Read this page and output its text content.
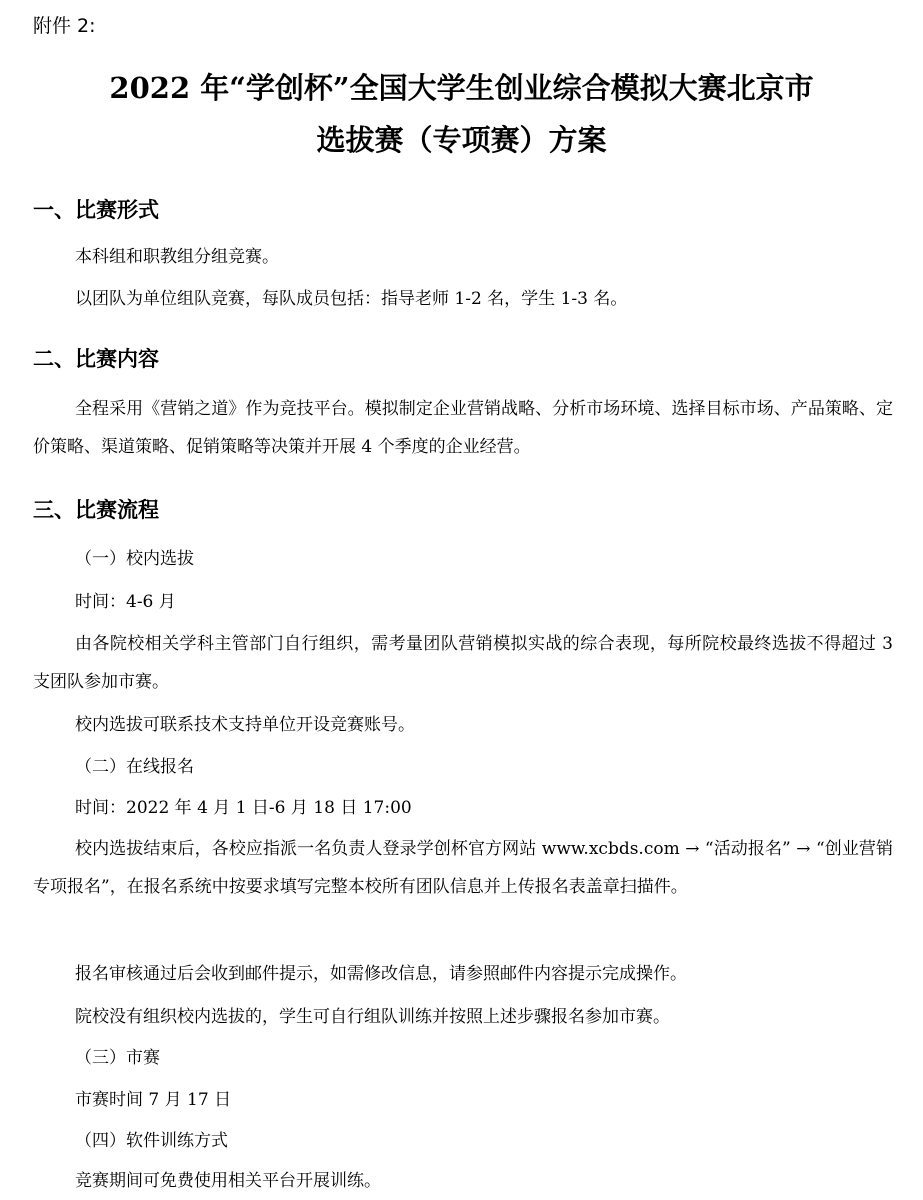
附件 2:
2022 年“学创杯”全国大学生创业综合模拟大赛北京市
选拔赛（专项赛）方案
一、比赛形式
本科组和职教组分组竞赛。
以团队为单位组队竞赛，每队成员包括：指导老师 1-2 名，学生 1-3 名。
二、比赛内容
全程采用《营销之道》作为竞技平台。模拟制定企业营销战略、分析市场环境、选择目标市场、产品策略、定价策略、渠道策略、促销策略等决策并开展 4 个季度的企业经营。
三、比赛流程
（一）校内选拔
时间：4-6 月
由各院校相关学科主管部门自行组织，需考量团队营销模拟实战的综合表现，每所院校最终选拔不得超过 3 支团队参加市赛。
校内选拔可联系技术支持单位开设竞赛账号。
（二）在线报名
时间：2022 年 4 月 1 日-6 月 18 日 17:00
校内选拔结束后，各校应指派一名负责人登录学创杯官方网站 www.xcbds.com → “活动报名” → “创业营销专项报名”，在报名系统中按要求填写完整本校所有团队信息并上传报名表盖章扫描件。
报名审核通过后会收到邮件提示，如需修改信息，请参照邮件内容提示完成操作。
院校没有组织校内选拔的，学生可自行组队训练并按照上述步骤报名参加市赛。
（三）市赛
市赛时间 7 月 17 日
（四）软件训练方式
竞赛期间可免费使用相关平台开展训练。
